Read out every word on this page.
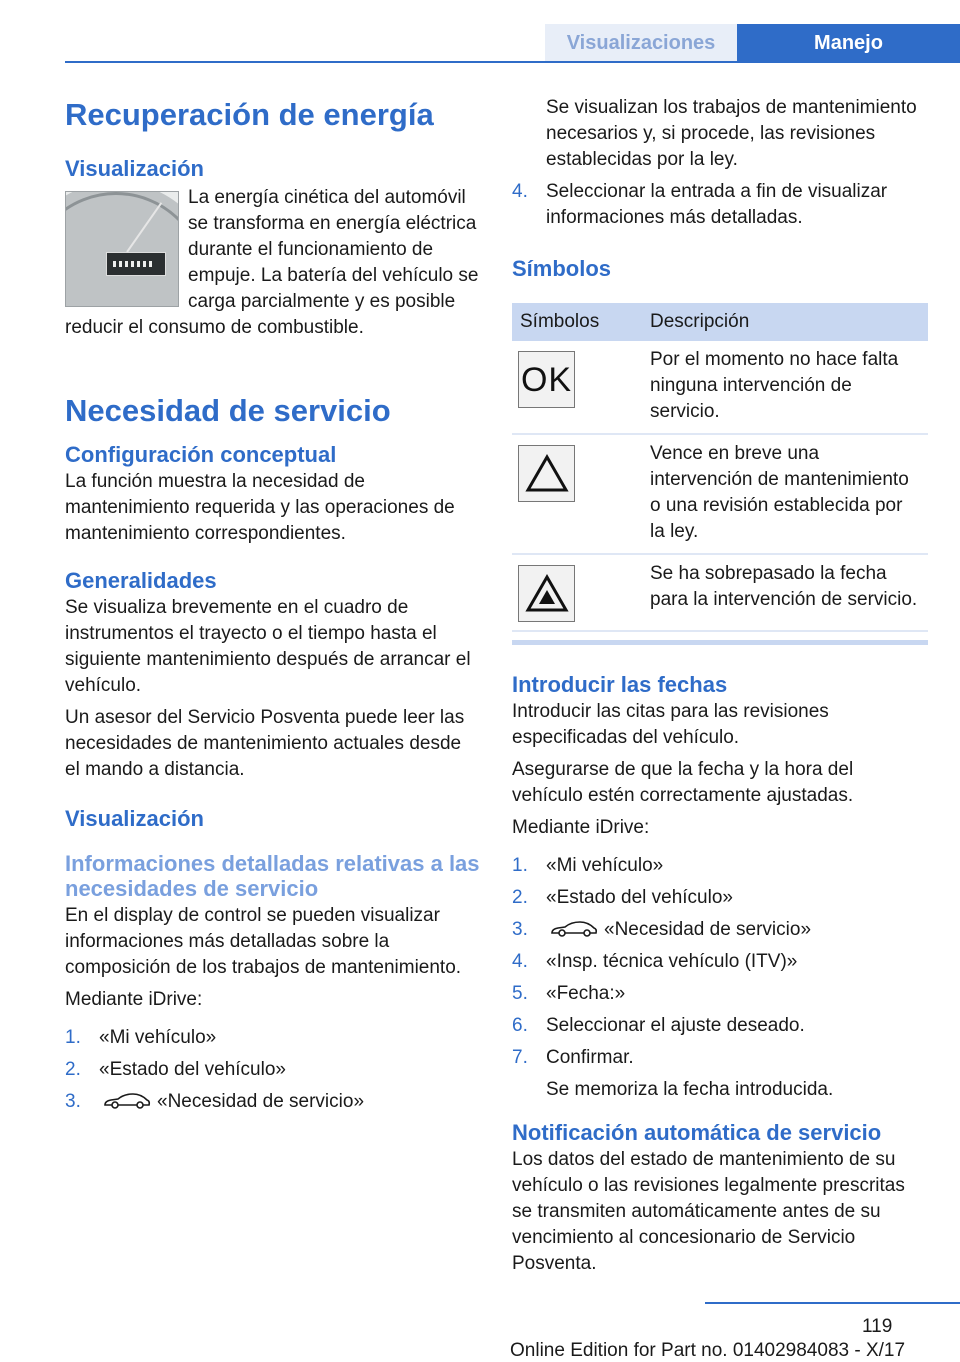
Visualizaciones	Manejo
Recuperación de energía
Visualización
La energía cinética del automóvil se transforma en energía eléctrica durante el funcionamiento de empuje. La batería del vehículo se carga parcialmente y es posible reducir el consumo de combustible.
Necesidad de servicio
Configuración conceptual
La función muestra la necesidad de mantenimiento requerida y las operaciones de mantenimiento correspondientes.
Generalidades
Se visualiza brevemente en el cuadro de instrumentos el trayecto o el tiempo hasta el siguiente mantenimiento después de arrancar el vehículo.
Un asesor del Servicio Posventa puede leer las necesidades de mantenimiento actuales desde el mando a distancia.
Visualización
Informaciones detalladas relativas a las necesidades de servicio
En el display de control se pueden visualizar informaciones más detalladas sobre la composición de los trabajos de mantenimiento.
Mediante iDrive:
1. «Mi vehículo»
2. «Estado del vehículo»
3.	«Necesidad de servicio»
Se visualizan los trabajos de mantenimiento necesarios y, si procede, las revisiones establecidas por la ley.
4. Seleccionar la entrada a fin de visualizar informaciones más detalladas.
Símbolos
Símbolos	Descripción

OK	Por el momento no hace falta ninguna intervención de servicio.

	Vence en breve una intervención de mantenimiento o una revisión establecida por la ley.

	Se ha sobrepasado la fecha para la intervención de servicio.
Introducir las fechas
Introducir las citas para las revisiones especificadas del vehículo.
Asegurarse de que la fecha y la hora del vehículo estén correctamente ajustadas.
Mediante iDrive:
1. «Mi vehículo»
2. «Estado del vehículo»
3.	«Necesidad de servicio»
4. «Insp. técnica vehículo (ITV)»
5. «Fecha:»
6. Seleccionar el ajuste deseado.
7. Confirmar.

Se memoriza la fecha introducida.
Notificación automática de servicio
Los datos del estado de mantenimiento de su vehículo o las revisiones legalmente prescritas se transmiten automáticamente antes de su vencimiento al concesionario de Servicio Posventa.
119
Online Edition for Part no. 01402984083 - X/17
